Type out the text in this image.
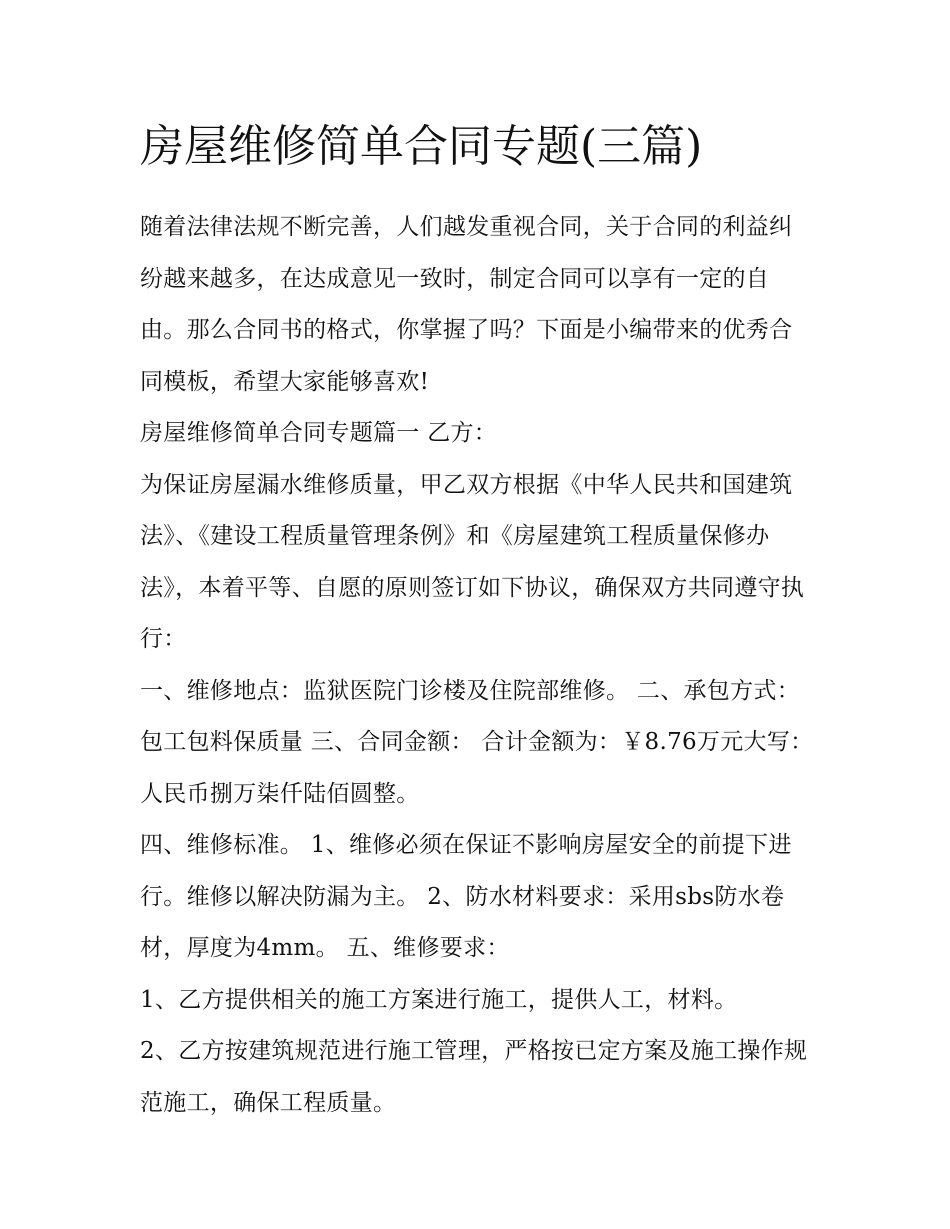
房屋维修简单合同专题(三篇)

随着法律法规不断完善，人们越发重视合同，关于合同的利益纠纷越来越多，在达成意见一致时，制定合同可以享有一定的自由。那么合同书的格式，你掌握了吗？下面是小编带来的优秀合同模板，希望大家能够喜欢!

房屋维修简单合同专题篇一 乙方：

为保证房屋漏水维修质量，甲乙双方根据《中华人民共和国建筑法》、《建设工程质量管理条例》和《房屋建筑工程质量保修办法》，本着平等、自愿的原则签订如下协议，确保双方共同遵守执行：

一、维修地点：监狱医院门诊楼及住院部维修。 二、承包方式：包工包料保质量 三、合同金额： 合计金额为：￥8.76万元大写：人民币捌万柒仟陆佰圆整。

四、维修标准。 1、维修必须在保证不影响房屋安全的前提下进行。维修以解决防漏为主。 2、防水材料要求：采用sbs防水卷材，厚度为4mm。 五、维修要求：

1、乙方提供相关的施工方案进行施工，提供人工，材料。

2、乙方按建筑规范进行施工管理，严格按已定方案及施工操作规范施工，确保工程质量。
